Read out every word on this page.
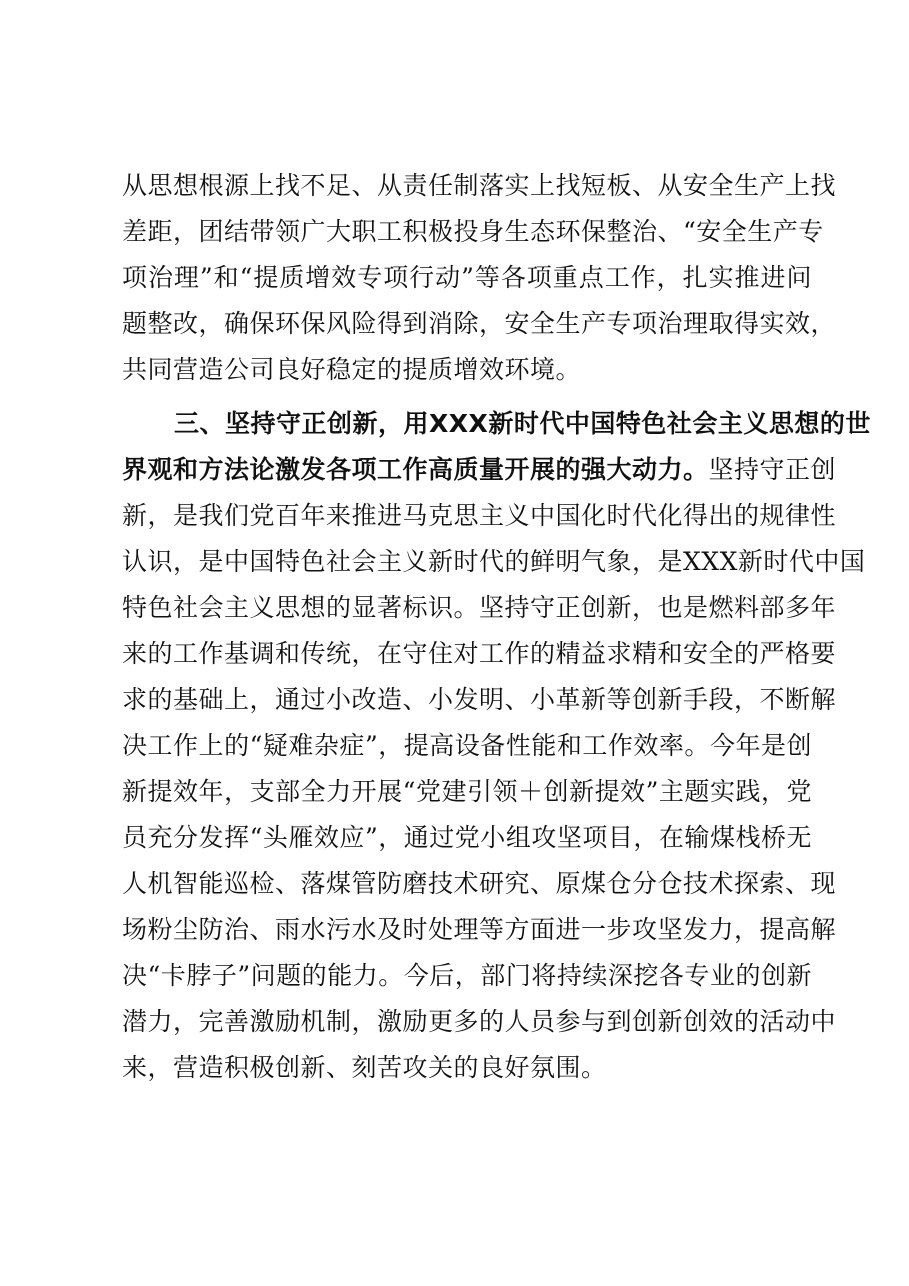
从思想根源上找不足、从责任制落实上找短板、从安全生产上找
差距，团结带领广大职工积极投身生态环保整治、“安全生产专
项治理”和“提质增效专项行动”等各项重点工作，扎实推进问
题整改，确保环保风险得到消除，安全生产专项治理取得实效，
共同营造公司良好稳定的提质增效环境。
三、坚持守正创新，用XXX新时代中国特色社会主义思想的世
界观和方法论激发各项工作高质量开展的强大动力。坚持守正创
新，是我们党百年来推进马克思主义中国化时代化得出的规律性
认识，是中国特色社会主义新时代的鲜明气象，是XXX新时代中国
特色社会主义思想的显著标识。坚持守正创新，也是燃料部多年
来的工作基调和传统，在守住对工作的精益求精和安全的严格要
求的基础上，通过小改造、小发明、小革新等创新手段，不断解
决工作上的“疑难杂症”，提高设备性能和工作效率。今年是创
新提效年，支部全力开展“党建引领＋创新提效”主题实践，党
员充分发挥“头雁效应”，通过党小组攻坚项目，在输煤栈桥无
人机智能巡检、落煤管防磨技术研究、原煤仓分仓技术探索、现
场粉尘防治、雨水污水及时处理等方面进一步攻坚发力，提高解
决“卡脖子”问题的能力。今后，部门将持续深挖各专业的创新
潜力，完善激励机制，激励更多的人员参与到创新创效的活动中
来，营造积极创新、刻苦攻关的良好氛围。
